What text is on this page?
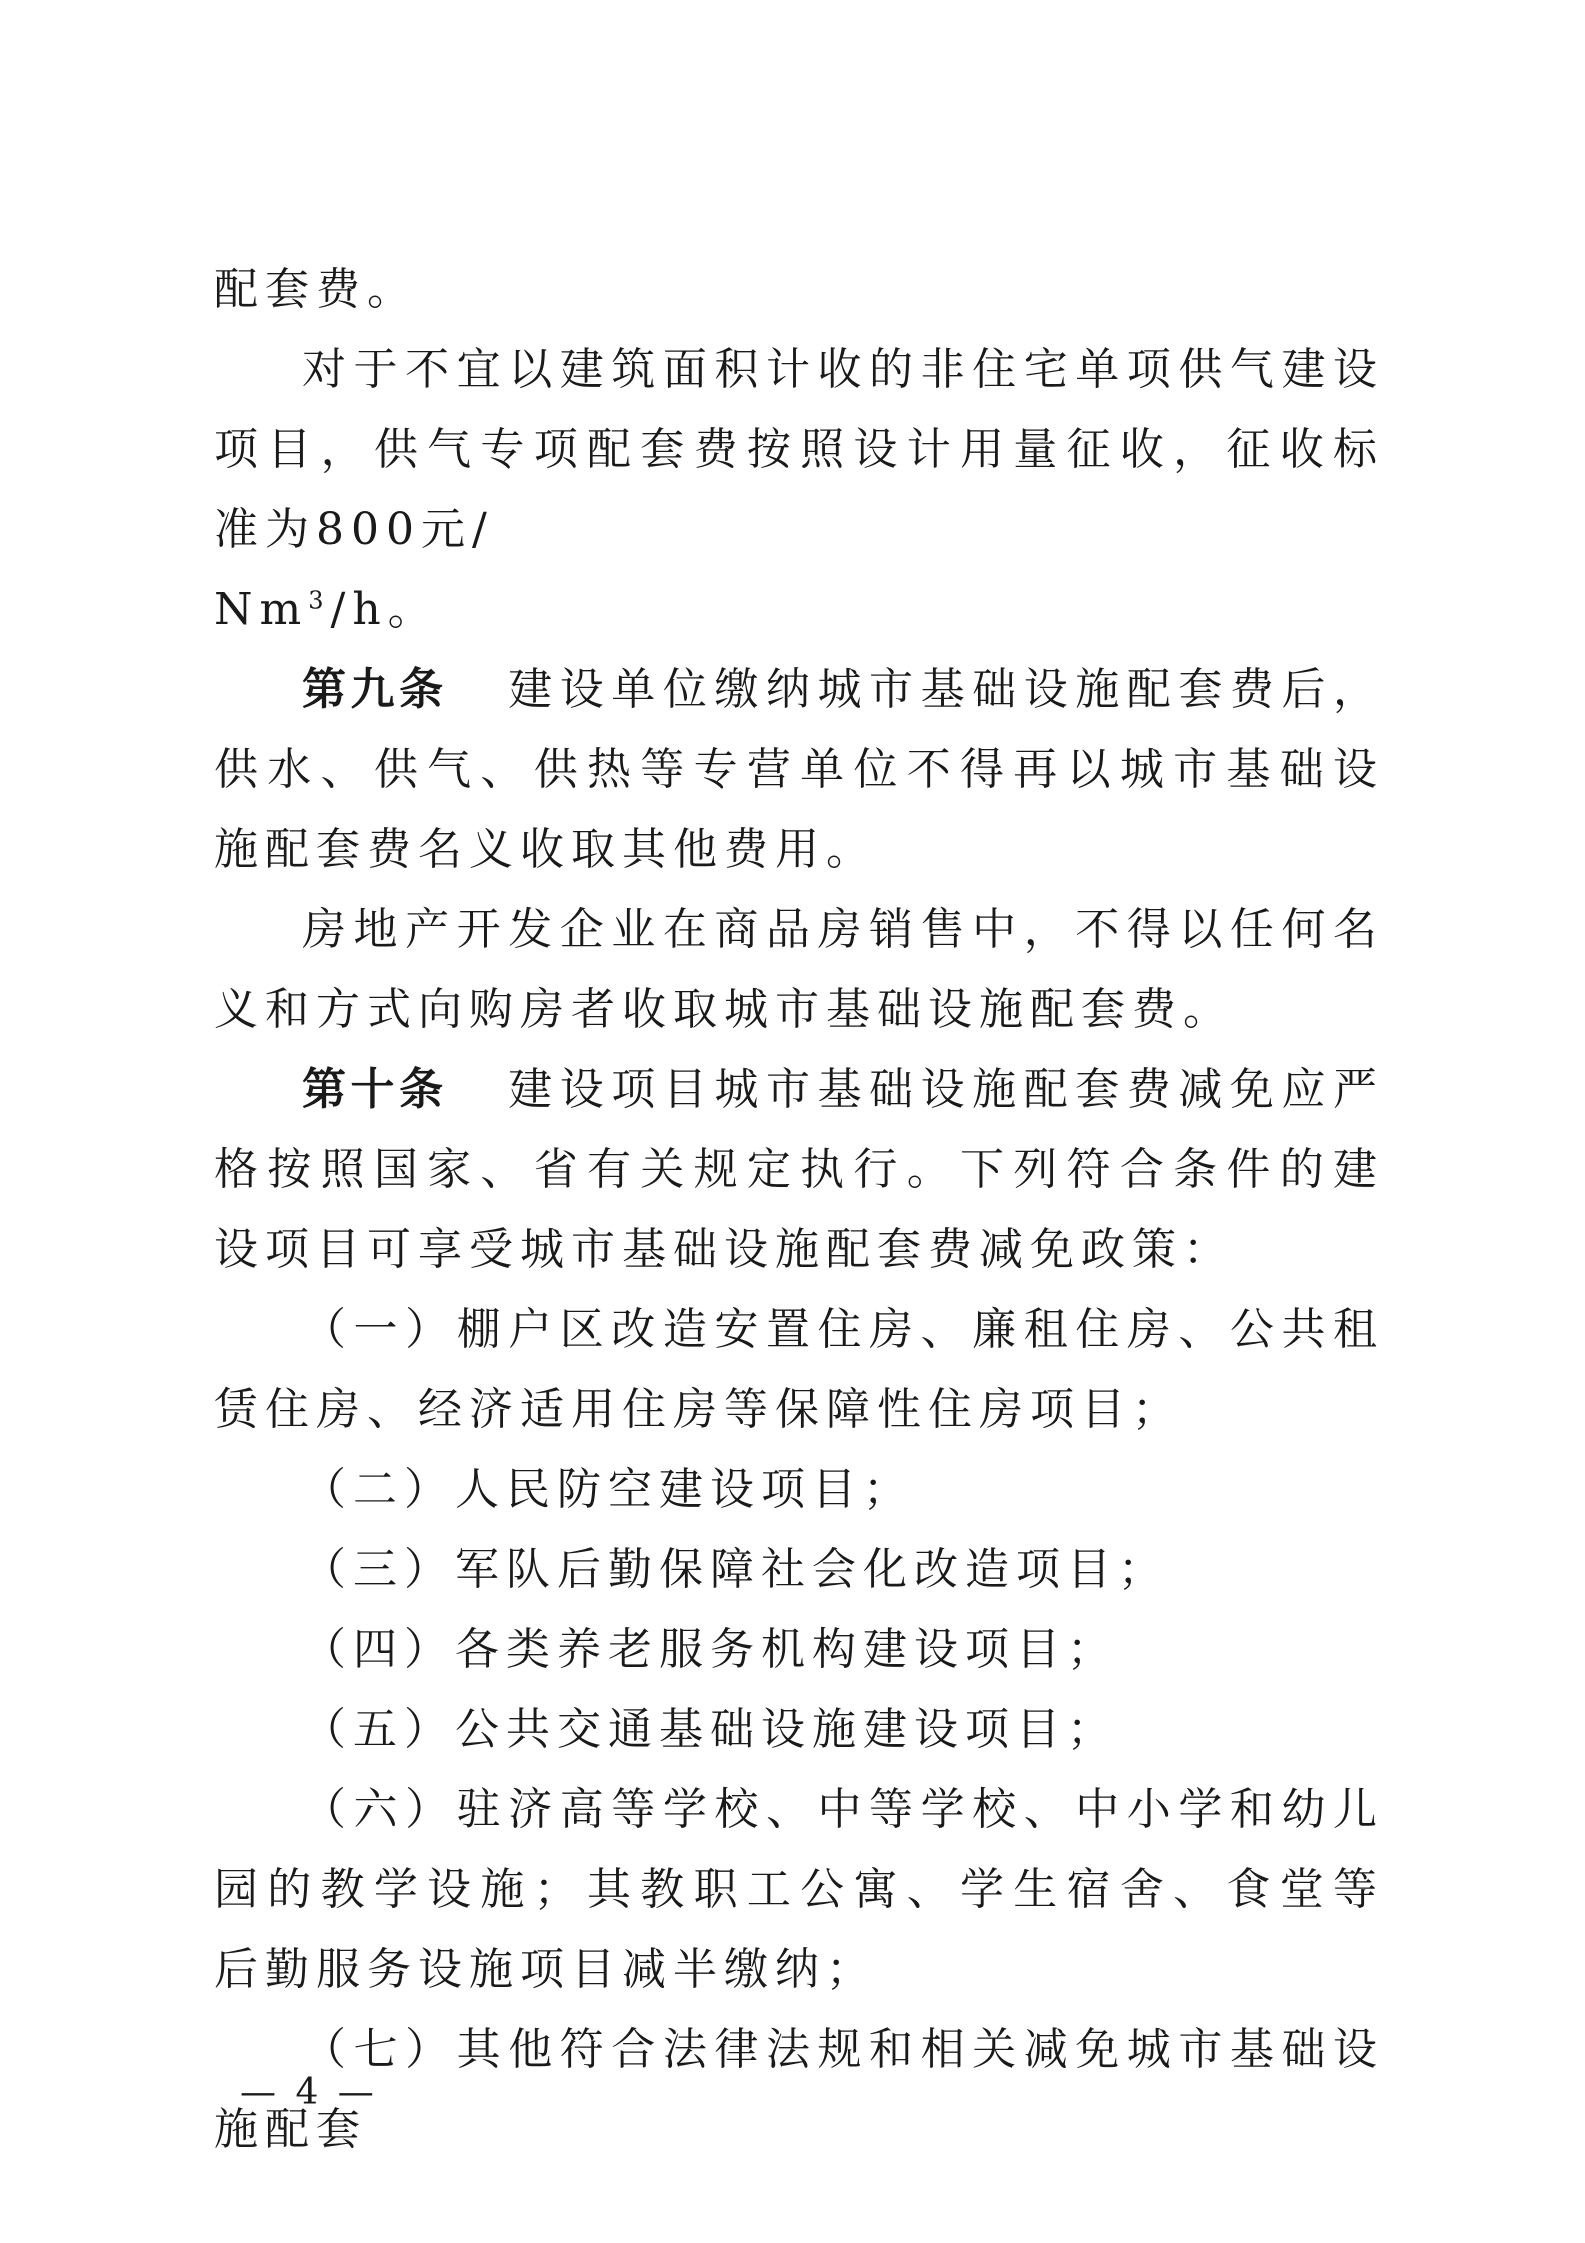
配套费。

对于不宜以建筑面积计收的非住宅单项供气建设项目，供气专项配套费按照设计用量征收，征收标准为800元/

Nm$^3$/h。

第九条 建设单位缴纳城市基础设施配套费后，供水、供气、供热等专营单位不得再以城市基础设施配套费名义收取其他费用。

房地产开发企业在商品房销售中，不得以任何名义和方式向购房者收取城市基础设施配套费。

第十条 建设项目城市基础设施配套费减免应严格按照国家、省有关规定执行。下列符合条件的建设项目可享受城市基础设施配套费减免政策：

（一）棚户区改造安置住房、廉租住房、公共租赁住房、经济适用住房等保障性住房项目；

（二）人民防空建设项目；

（三）军队后勤保障社会化改造项目；

（四）各类养老服务机构建设项目；

（五）公共交通基础设施建设项目；

（六）驻济高等学校、中等学校、中小学和幼儿园的教学设施；其教职工公寓、学生宿舍、食堂等后勤服务设施项目减半缴纳；

（七）其他符合法律法规和相关减免城市基础设施配套

— 4 —
